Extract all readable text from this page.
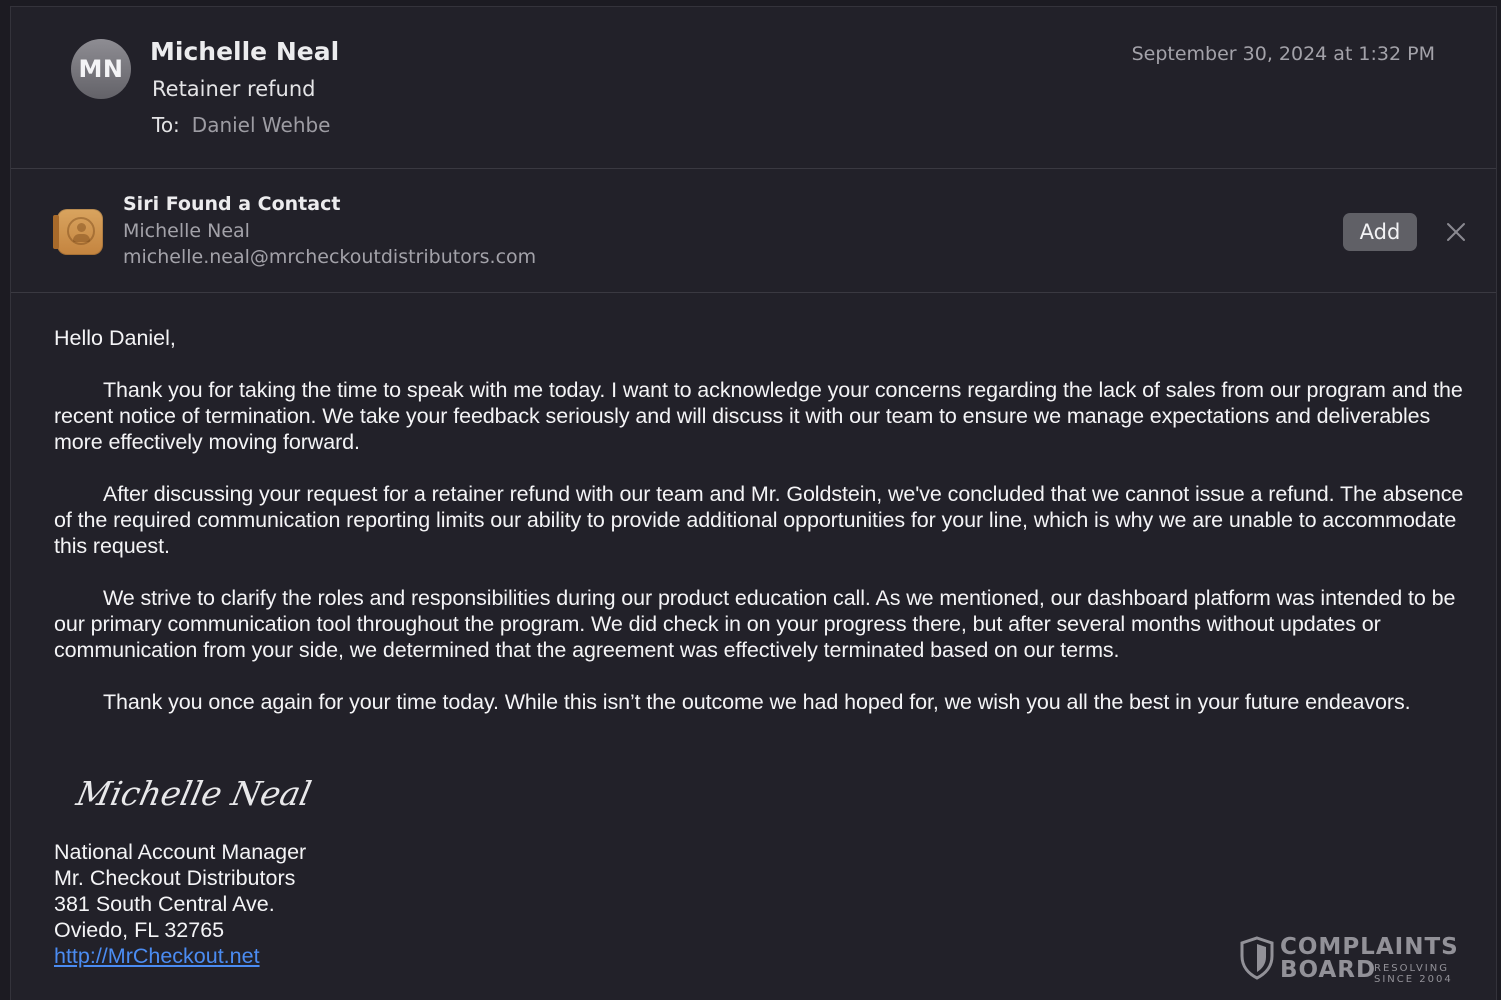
MN
Michelle Neal
Retainer refund
To: Daniel Wehbe
September 30, 2024 at 1:32 PM
Siri Found a Contact
Michelle Neal
michelle.neal@mrcheckoutdistributors.com
Add

Hello Daniel,

Thank you for taking the time to speak with me today. I want to acknowledge your concerns regarding the lack of sales from our program and the recent notice of termination. We take your feedback seriously and will discuss it with our team to ensure we manage expectations and deliverables more effectively moving forward.

After discussing your request for a retainer refund with our team and Mr. Goldstein, we've concluded that we cannot issue a refund. The absence of the required communication reporting limits our ability to provide additional opportunities for your line, which is why we are unable to accommodate this request.

We strive to clarify the roles and responsibilities during our product education call. As we mentioned, our dashboard platform was intended to be our primary communication tool throughout the program. We did check in on your progress there, but after several months without updates or communication from your side, we determined that the agreement was effectively terminated based on our terms.

Thank you once again for your time today. While this isn’t the outcome we had hoped for, we wish you all the best in your future endeavors.

Michelle Neal
National Account Manager
Mr. Checkout Distributors
381 South Central Ave.
Oviedo, FL 32765
http://MrCheckout.net	COMPLAINTS
BOARD
RESOLVING
SINCE 2004
